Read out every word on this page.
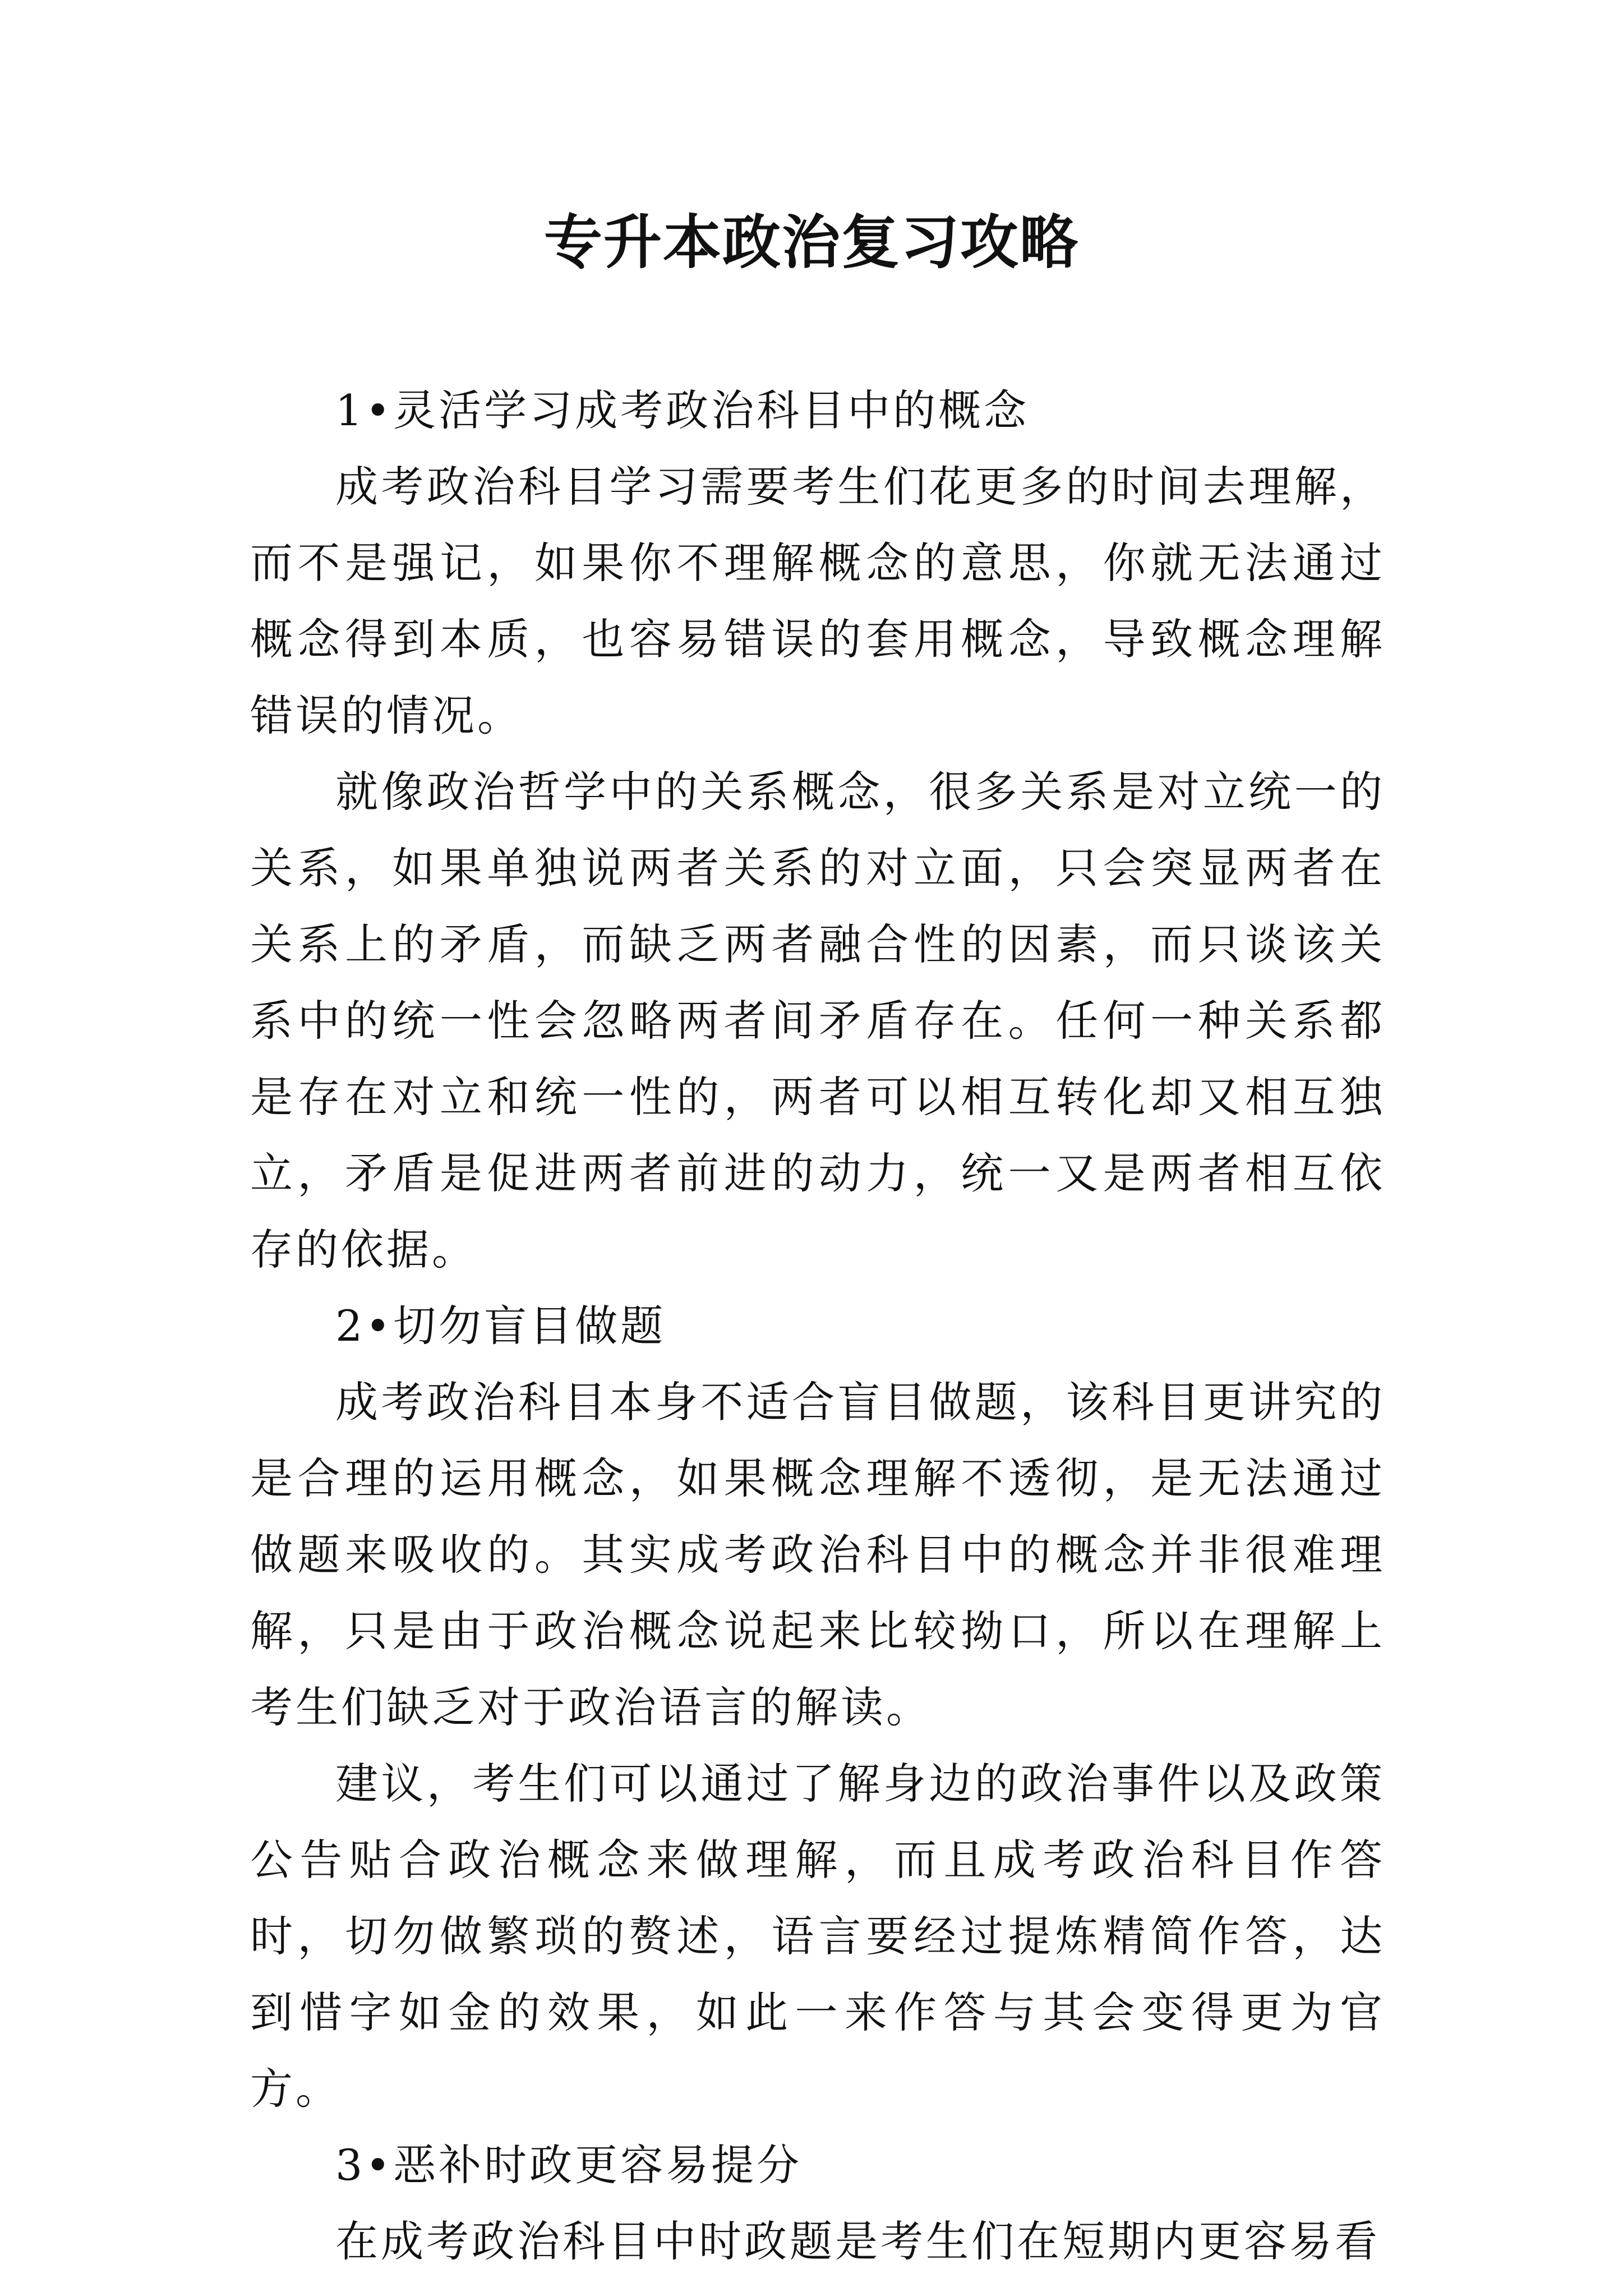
专升本政治复习攻略

1•灵活学习成考政治科目中的概念

成考政治科目学习需要考生们花更多的时间去理解，而不是强记，如果你不理解概念的意思，你就无法通过概念得到本质，也容易错误的套用概念，导致概念理解错误的情况。

就像政治哲学中的关系概念，很多关系是对立统一的关系，如果单独说两者关系的对立面，只会突显两者在关系上的矛盾，而缺乏两者融合性的因素，而只谈该关系中的统一性会忽略两者间矛盾存在。任何一种关系都是存在对立和统一性的，两者可以相互转化却又相互独立，矛盾是促进两者前进的动力，统一又是两者相互依存的依据。

2•切勿盲目做题

成考政治科目本身不适合盲目做题，该科目更讲究的是合理的运用概念，如果概念理解不透彻，是无法通过做题来吸收的。其实成考政治科目中的概念并非很难理解，只是由于政治概念说起来比较拗口，所以在理解上考生们缺乏对于政治语言的解读。

建议，考生们可以通过了解身边的政治事件以及政策公告贴合政治概念来做理解，而且成考政治科目作答时，切勿做繁琐的赘述，语言要经过提炼精简作答，达到惜字如金的效果，如此一来作答与其会变得更为官方。

3•恶补时政更容易提分

在成考政治科目中时政题是考生们在短期内更容易看
